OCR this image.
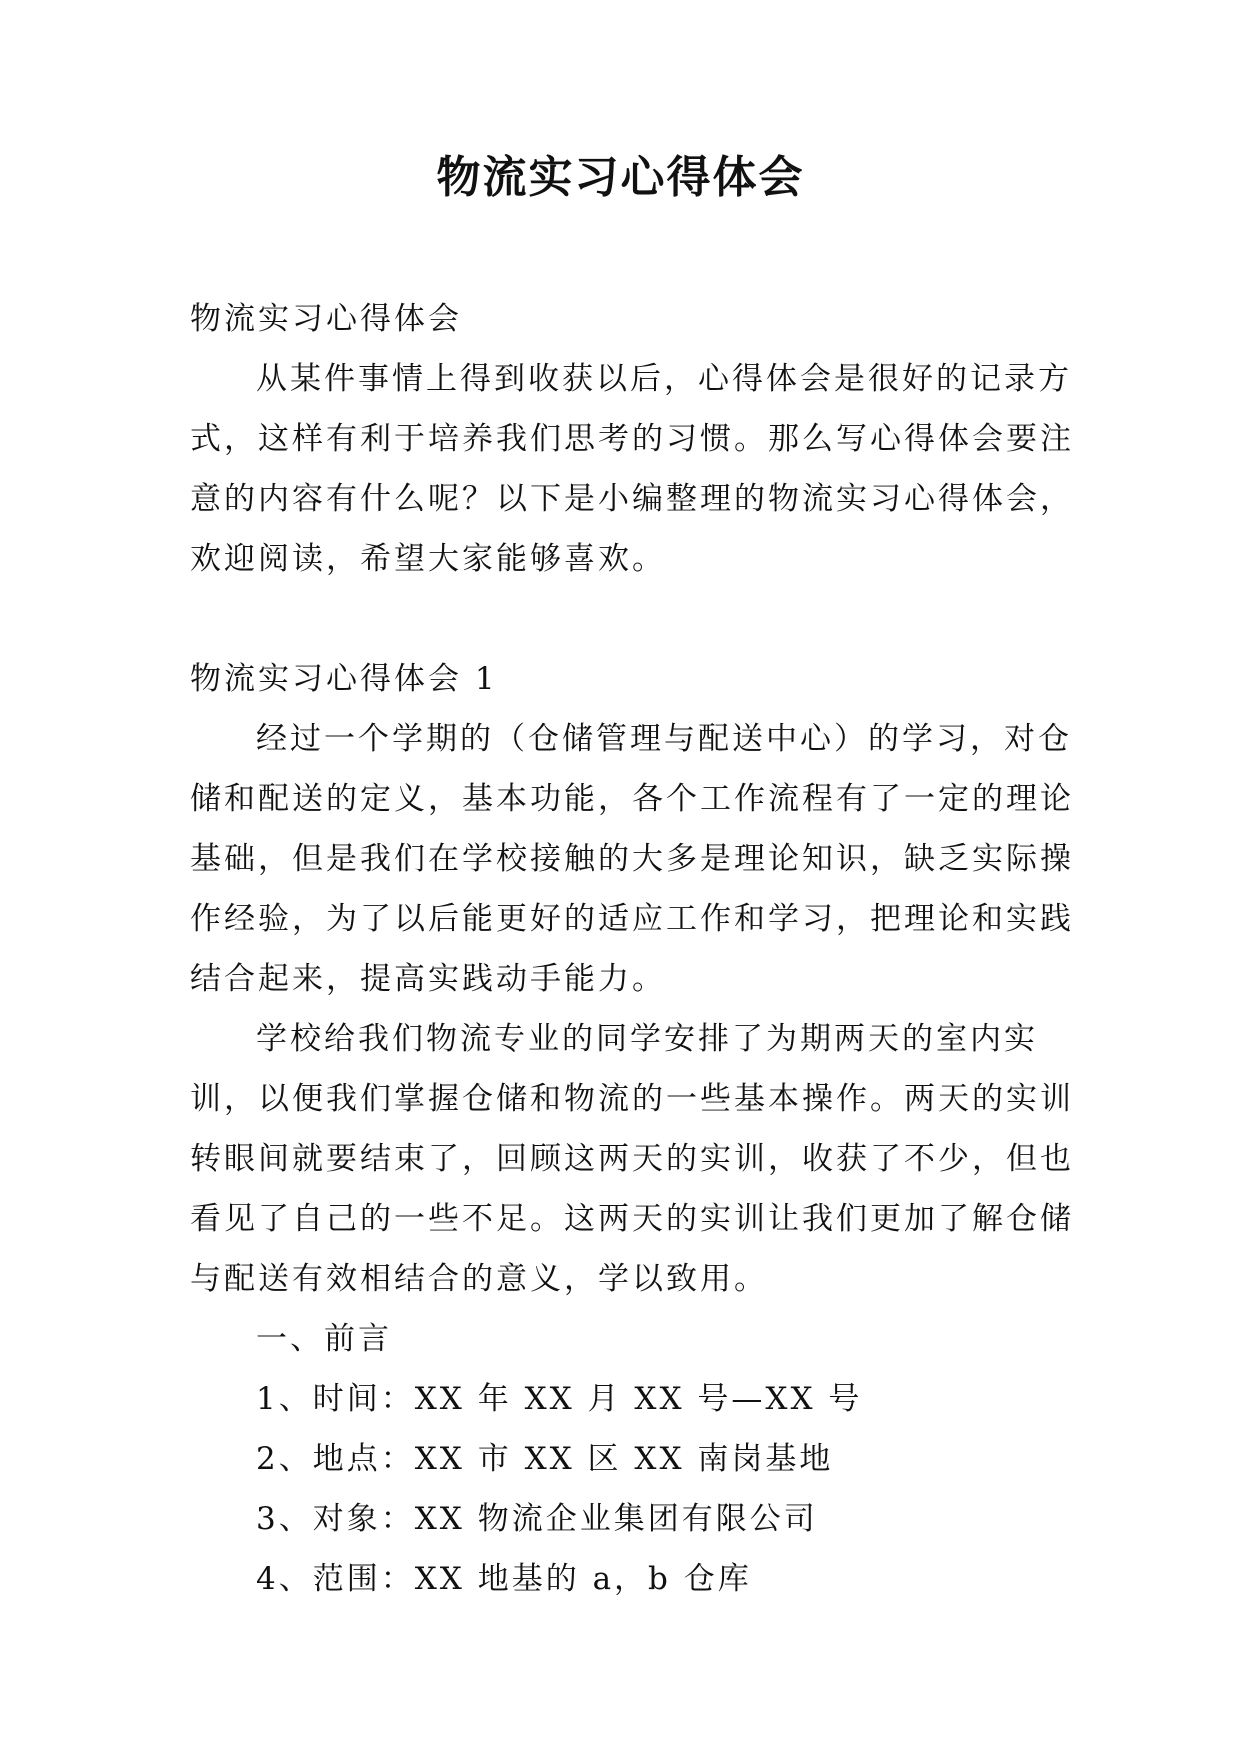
物流实习心得体会
物流实习心得体会
从某件事情上得到收获以后，心得体会是很好的记录方
式，这样有利于培养我们思考的习惯。那么写心得体会要注
意的内容有什么呢？以下是小编整理的物流实习心得体会，
欢迎阅读，希望大家能够喜欢。
物流实习心得体会 1
经过一个学期的（仓储管理与配送中心）的学习，对仓
储和配送的定义，基本功能，各个工作流程有了一定的理论
基础，但是我们在学校接触的大多是理论知识，缺乏实际操
作经验，为了以后能更好的适应工作和学习，把理论和实践
结合起来，提高实践动手能力。
学校给我们物流专业的同学安排了为期两天的室内实
训，以便我们掌握仓储和物流的一些基本操作。两天的实训
转眼间就要结束了，回顾这两天的实训，收获了不少，但也
看见了自己的一些不足。这两天的实训让我们更加了解仓储
与配送有效相结合的意义，学以致用。
一、前言
1、时间：XX 年 XX 月 XX 号—XX 号
2、地点：XX 市 XX 区 XX 南岗基地
3、对象：XX 物流企业集团有限公司
4、范围：XX 地基的 a，b 仓库
